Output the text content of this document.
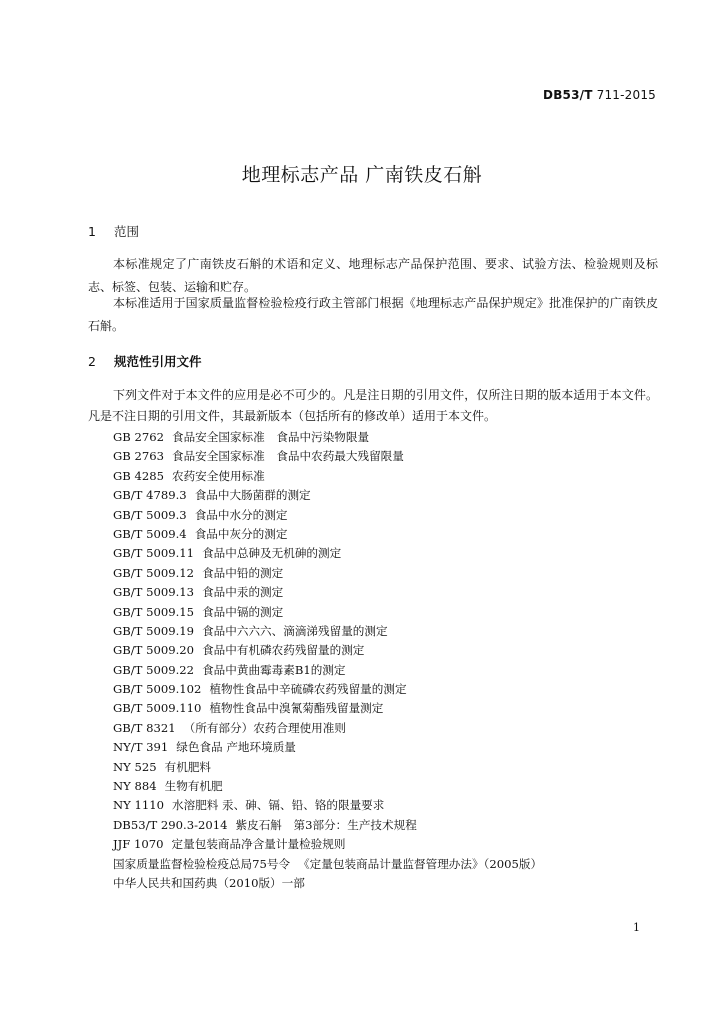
DB53/T 711-2015
地理标志产品 广南铁皮石斛
1 范围

本标准规定了广南铁皮石斛的术语和定义、地理标志产品保护范围、要求、试验方法、检验规则及标志、标签、包装、运输和贮存。

本标准适用于国家质量监督检验检疫行政主管部门根据《地理标志产品保护规定》批准保护的广南铁皮石斛。

2 规范性引用文件

下列文件对于本文件的应用是必不可少的。凡是注日期的引用文件，仅所注日期的版本适用于本文件。凡是不注日期的引用文件，其最新版本（包括所有的修改单）适用于本文件。

GB 2762 食品安全国家标准　食品中污染物限量
GB 2763 食品安全国家标准　食品中农药最大残留限量
GB 4285 农药安全使用标准
GB/T 4789.3 食品中大肠菌群的测定
GB/T 5009.3 食品中水分的测定
GB/T 5009.4 食品中灰分的测定
GB/T 5009.11 食品中总砷及无机砷的测定
GB/T 5009.12 食品中铅的测定
GB/T 5009.13 食品中汞的测定
GB/T 5009.15 食品中镉的测定
GB/T 5009.19 食品中六六六、滴滴涕残留量的测定
GB/T 5009.20 食品中有机磷农药残留量的测定
GB/T 5009.22 食品中黄曲霉毒素B1的测定
GB/T 5009.102 植物性食品中辛硫磷农药残留量的测定
GB/T 5009.110 植物性食品中溴氰菊酯残留量测定
GB/T 8321 （所有部分）农药合理使用准则
NY/T 391 绿色食品 产地环境质量
NY 525 有机肥料
NY 884 生物有机肥
NY 1110 水溶肥料 汞、砷、镉、铅、铬的限量要求
DB53/T 290.3-2014 紫皮石斛　第3部分：生产技术规程
JJF 1070 定量包装商品净含量计量检验规则
国家质量监督检验检疫总局75号令 《定量包装商品计量监督管理办法》（2005版）
中华人民共和国药典（2010版）一部
1
